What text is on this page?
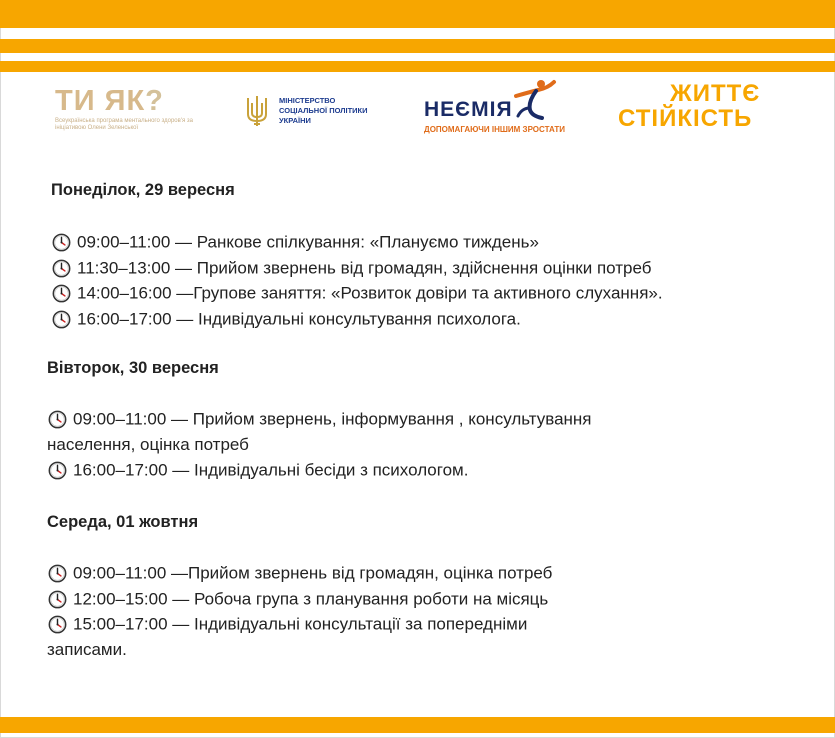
ТИ ЯК?
Всеукраїнська програма ментального здоров'я за ініціативою Олени Зеленської
МІНІСТЕРСТВО
СОЦІАЛЬНОЇ ПОЛІТИКИ
УКРАЇНИ	НЕЄМІЯ
ДОПОМАГАЮЧИ ІНШИМ ЗРОСТАТИ
ЖИТТЄ
СТІЙКІСТЬ
Понеділок, 29 вересня
09:00–11:00 — Ранкове спілкування: «Плануємо тиждень»
11:30–13:00 — Прийом звернень від громадян, здійснення оцінки потреб
14:00–16:00 —Групове заняття: «Розвиток довіри та активного слухання».
16:00–17:00 — Індивідуальні консультування психолога.
Вівторок, 30 вересня
09:00–11:00 — Прийом звернень, інформування , консультування
населення, оцінка потреб
16:00–17:00 — Індивідуальні бесіди з психологом.
Середа, 01 жовтня
09:00–11:00 —Прийом звернень від громадян, оцінка потреб
12:00–15:00 — Робоча група з планування роботи на місяць
15:00–17:00 — Індивідуальні консультації за попередніми
записами.
